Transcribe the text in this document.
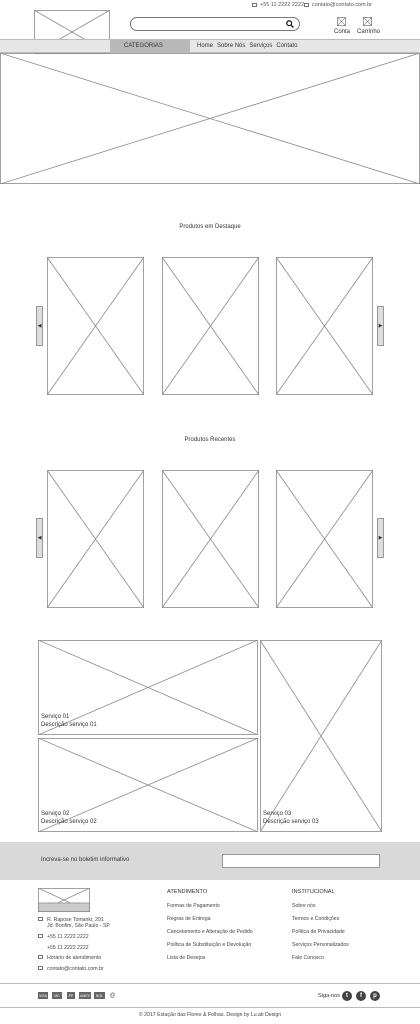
+55 11 2222 2222 contato@contato.com.br
Conta Carrinho
CATEGORIAS	Home Sobre Nós Serviços Contato
Produtos em Destaque
◀	▶
Produtos Recentes
◀	▶
Serviço 01
Descrição serviço 01
Serviço 02
Descrição serviço 02
Serviço 03
Descrição serviço 03
Increva-se no boletim informativo
R. Rapose Tomanki, 201
Jd. Bonfim, São Paulo - SP
+55 11 2222 2222
+55 11 2222 2222
Horário de atendimento
contato@contato.com.br
ATENDIMENTO
Formas de Pagamento
Regras de Entrega
Cancelamento e Alteração de Pedido
Política de Substituição e Devolução
Lista de Desejos
INSTITUCIONAL
Sobre nós
Termos e Condições
Política de Privacidade
Serviços Personalizados
Fale Conosco
VISA	MC	PP	AMEX	BOL	@	Siga-nos t	f	p
© 2017 Estação das Flores & Folhas. Design by Lu.ati Design
